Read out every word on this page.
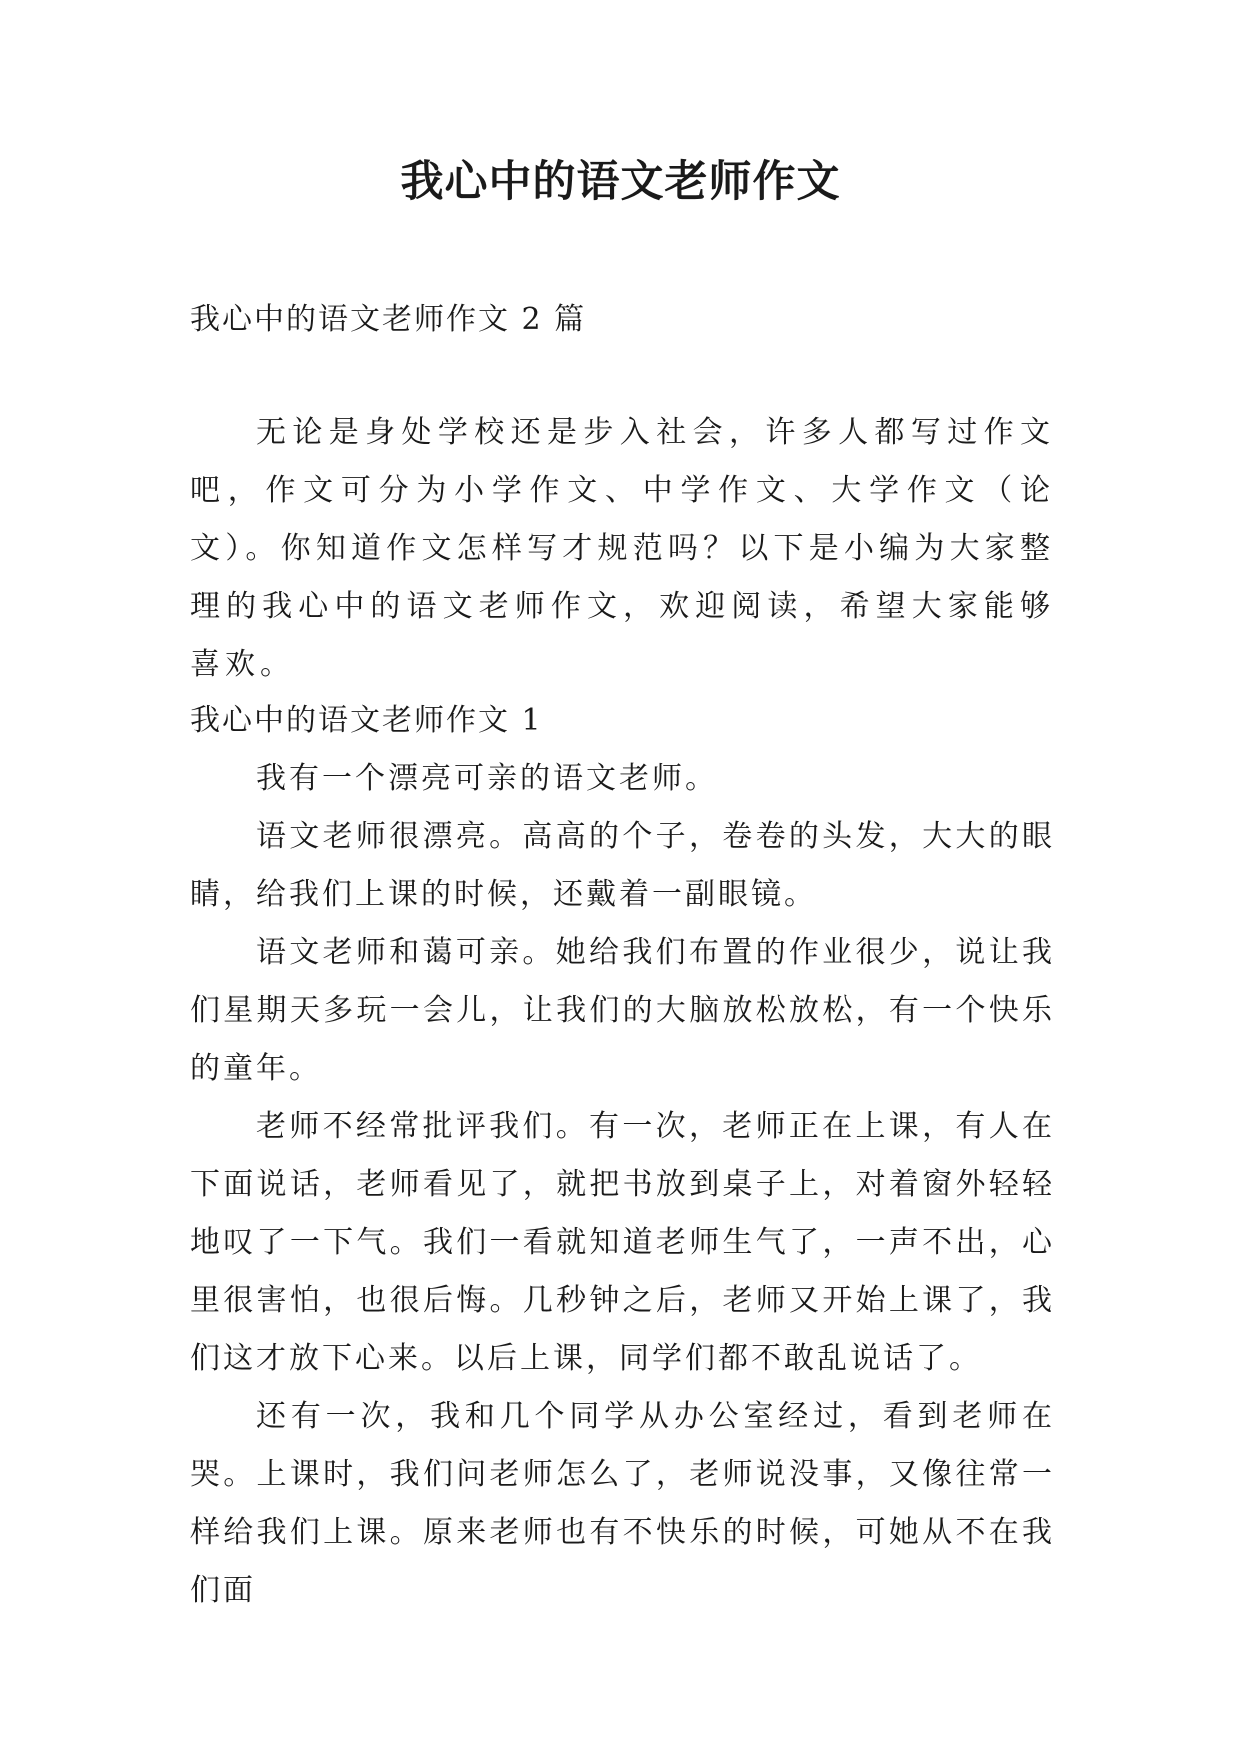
我心中的语文老师作文
我心中的语文老师作文 2 篇
无论是身处学校还是步入社会，许多人都写过作文吧，作文可分为小学作文、中学作文、大学作文（论文）。你知道作文怎样写才规范吗？以下是小编为大家整理的我心中的语文老师作文，欢迎阅读，希望大家能够喜欢。

我心中的语文老师作文 1

我有一个漂亮可亲的语文老师。

语文老师很漂亮。高高的个子，卷卷的头发，大大的眼睛，给我们上课的时候，还戴着一副眼镜。

语文老师和蔼可亲。她给我们布置的作业很少，说让我们星期天多玩一会儿，让我们的大脑放松放松，有一个快乐的童年。

老师不经常批评我们。有一次，老师正在上课，有人在下面说话，老师看见了，就把书放到桌子上，对着窗外轻轻地叹了一下气。我们一看就知道老师生气了，一声不出，心里很害怕，也很后悔。几秒钟之后，老师又开始上课了，我们这才放下心来。以后上课，同学们都不敢乱说话了。

还有一次，我和几个同学从办公室经过，看到老师在哭。上课时，我们问老师怎么了，老师说没事，又像往常一样给我们上课。原来老师也有不快乐的时候，可她从不在我们面
